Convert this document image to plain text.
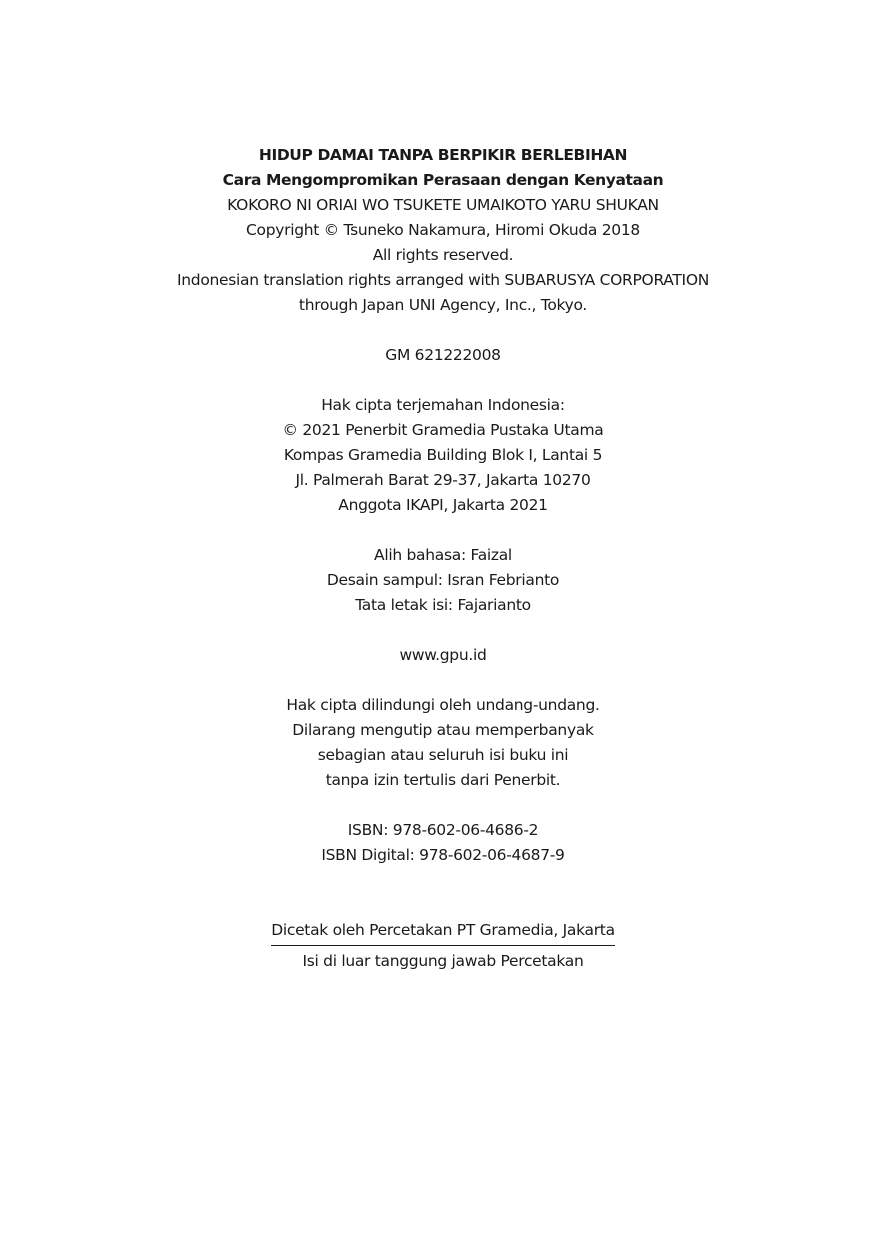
HIDUP DAMAI TANPA BERPIKIR BERLEBIHAN
Cara Mengompromikan Perasaan dengan Kenyataan
KOKORO NI ORIAI WO TSUKETE UMAIKOTO YARU SHUKAN
Copyright © Tsuneko Nakamura, Hiromi Okuda 2018
All rights reserved.
Indonesian translation rights arranged with SUBARUSYA CORPORATION
through Japan UNI Agency, Inc., Tokyo.
GM 621222008
Hak cipta terjemahan Indonesia:
© 2021 Penerbit Gramedia Pustaka Utama
Kompas Gramedia Building Blok I, Lantai 5
Jl. Palmerah Barat 29-37, Jakarta 10270
Anggota IKAPI, Jakarta 2021
Alih bahasa: Faizal
Desain sampul: Isran Febrianto
Tata letak isi: Fajarianto
www.gpu.id
Hak cipta dilindungi oleh undang-undang.
Dilarang mengutip atau memperbanyak
sebagian atau seluruh isi buku ini
tanpa izin tertulis dari Penerbit.
ISBN: 978-602-06-4686-2
ISBN Digital: 978-602-06-4687-9
Dicetak oleh Percetakan PT Gramedia, Jakarta
Isi di luar tanggung jawab Percetakan
